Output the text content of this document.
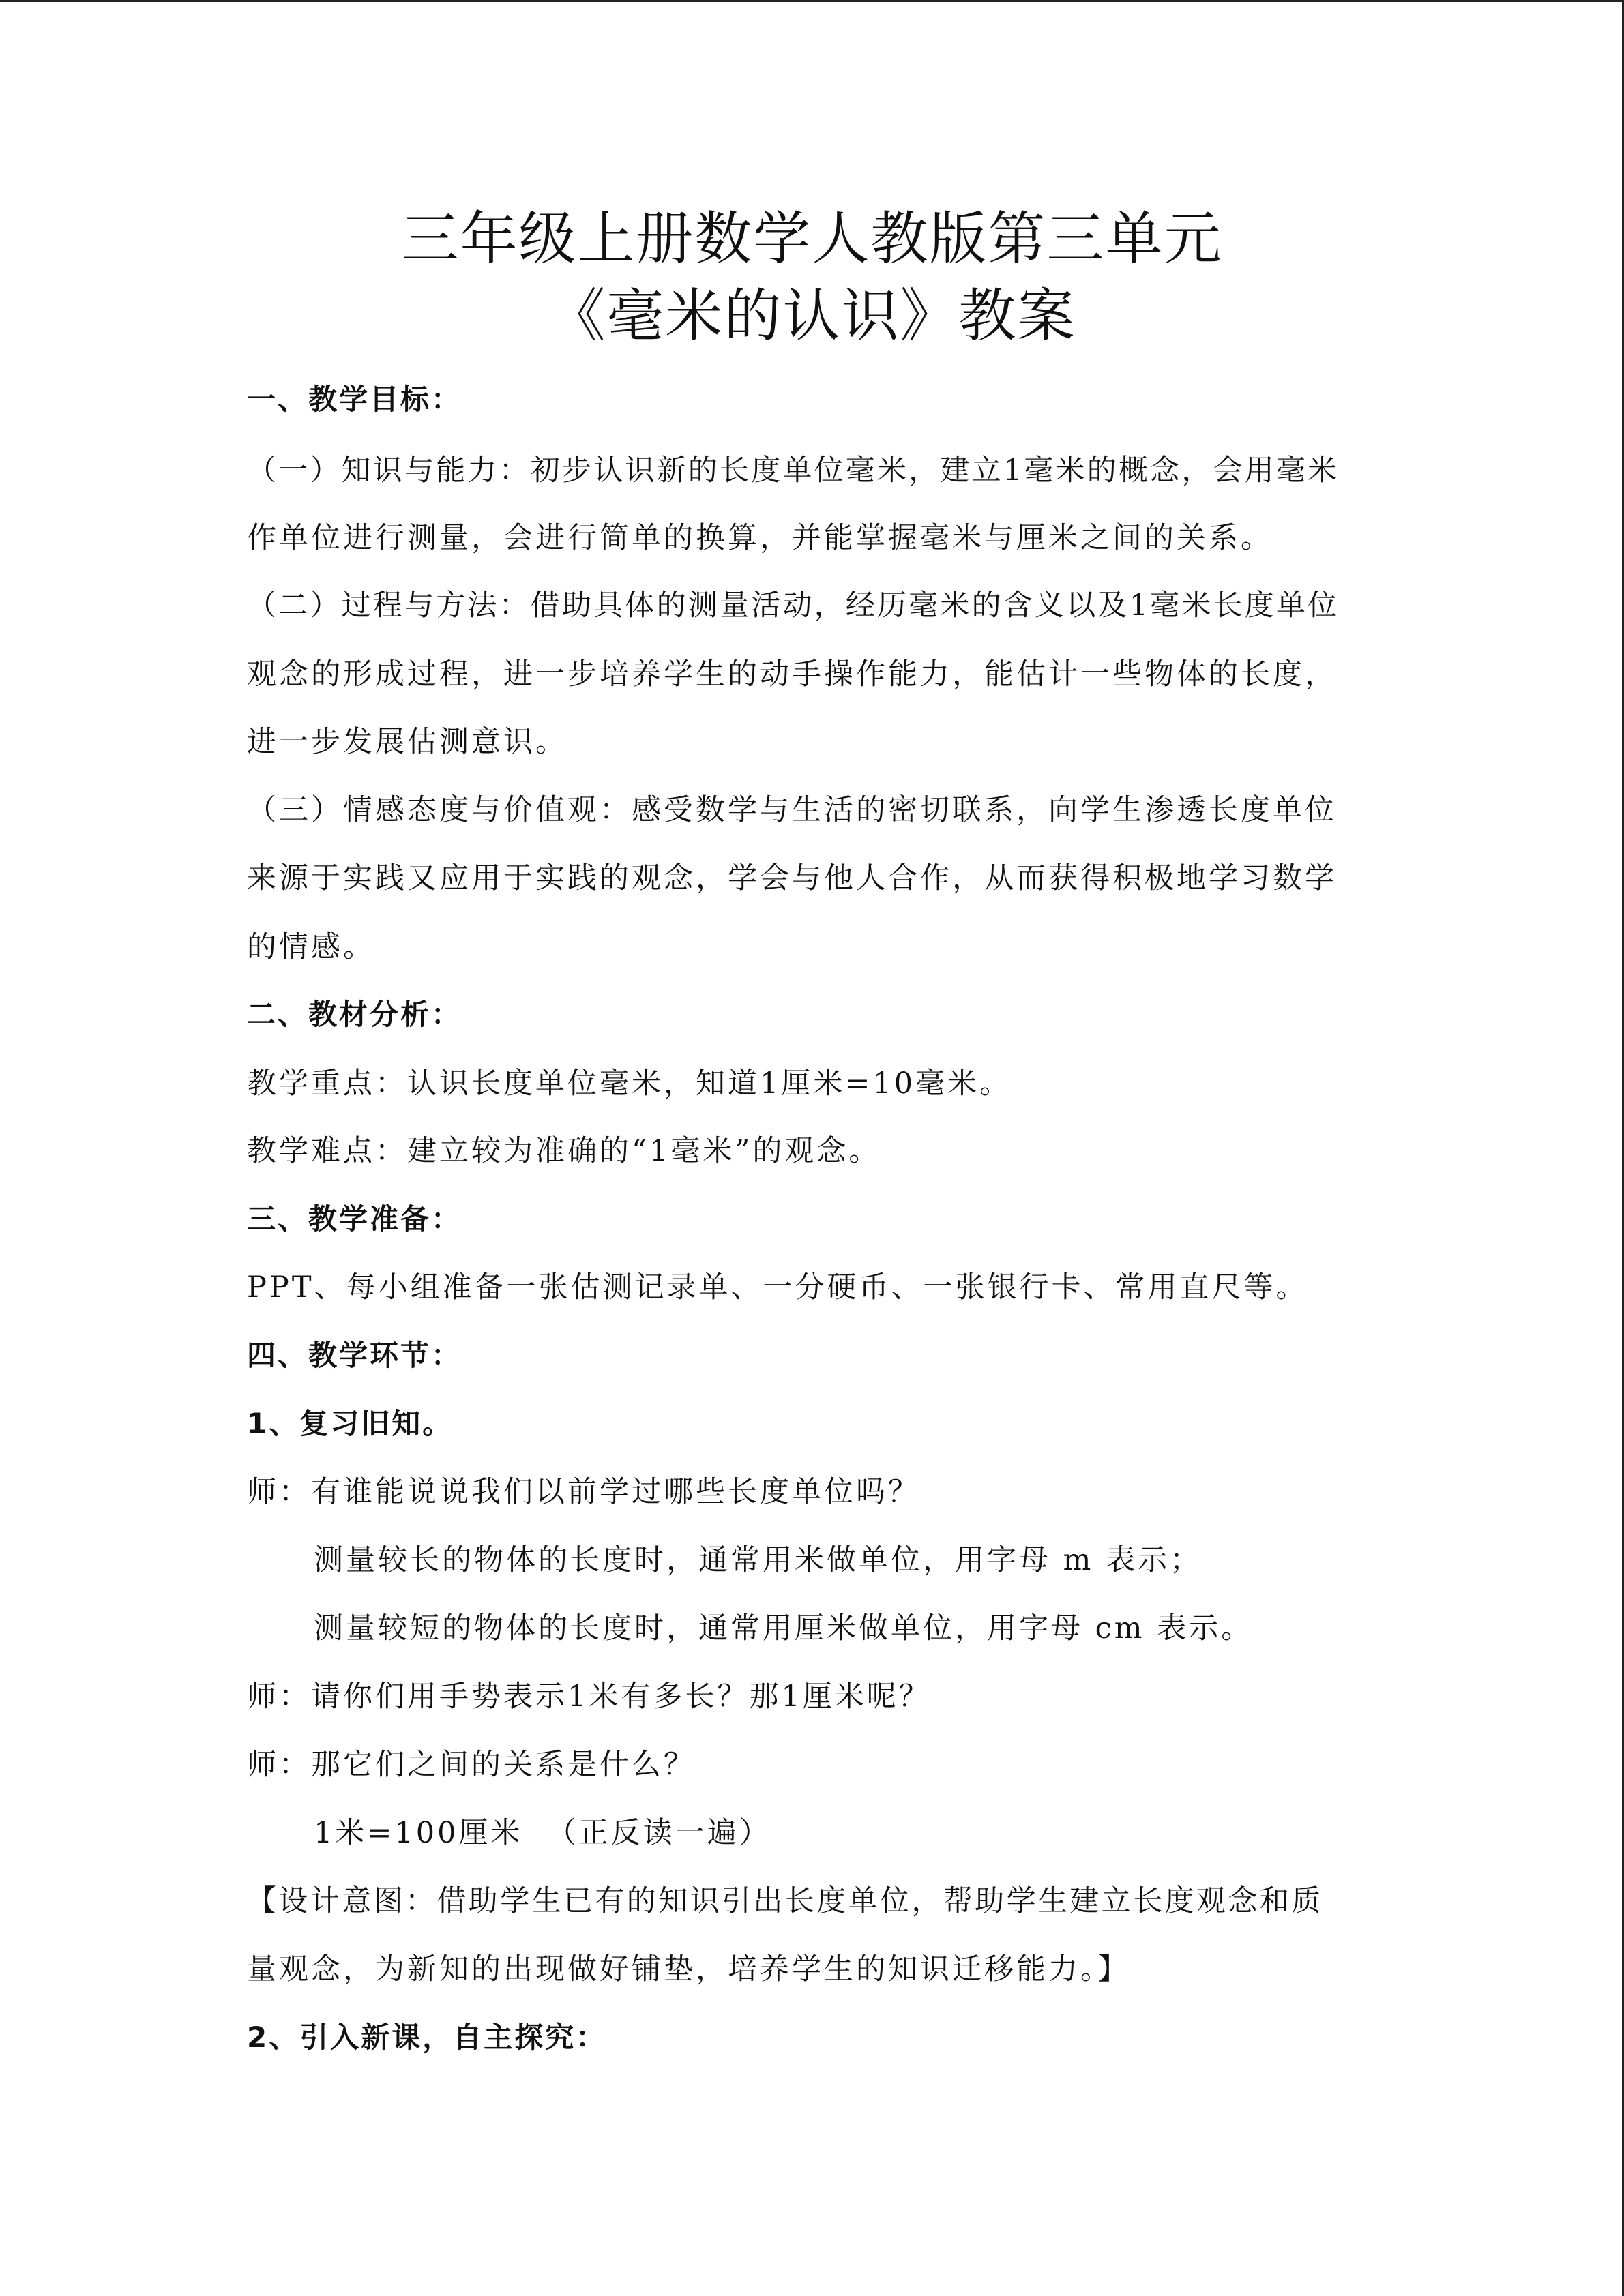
三年级上册数学人教版第三单元
《毫米的认识》教案

一、教学目标：

（一）知识与能力：初步认识新的长度单位毫米，建立1毫米的概念，会用毫米

作单位进行测量，会进行简单的换算，并能掌握毫米与厘米之间的关系。

（二）过程与方法：借助具体的测量活动，经历毫米的含义以及1毫米长度单位

观念的形成过程，进一步培养学生的动手操作能力，能估计一些物体的长度，

进一步发展估测意识。

（三）情感态度与价值观：感受数学与生活的密切联系，向学生渗透长度单位

来源于实践又应用于实践的观念，学会与他人合作，从而获得积极地学习数学

的情感。

二、教材分析：

教学重点：认识长度单位毫米，知道1厘米=10毫米。

教学难点：建立较为准确的“1毫米”的观念。

三、教学准备：

PPT、每小组准备一张估测记录单、一分硬币、一张银行卡、常用直尺等。

四、教学环节：

1、复习旧知。

师：有谁能说说我们以前学过哪些长度单位吗？

测量较长的物体的长度时，通常用米做单位，用字母 m 表示；

测量较短的物体的长度时，通常用厘米做单位，用字母 cm 表示。

师：请你们用手势表示1米有多长？那1厘米呢？

师：那它们之间的关系是什么？

1米=100厘米  （正反读一遍）

【设计意图：借助学生已有的知识引出长度单位，帮助学生建立长度观念和质

量观念，为新知的出现做好铺垫，培养学生的知识迁移能力。】

2、引入新课，自主探究：
